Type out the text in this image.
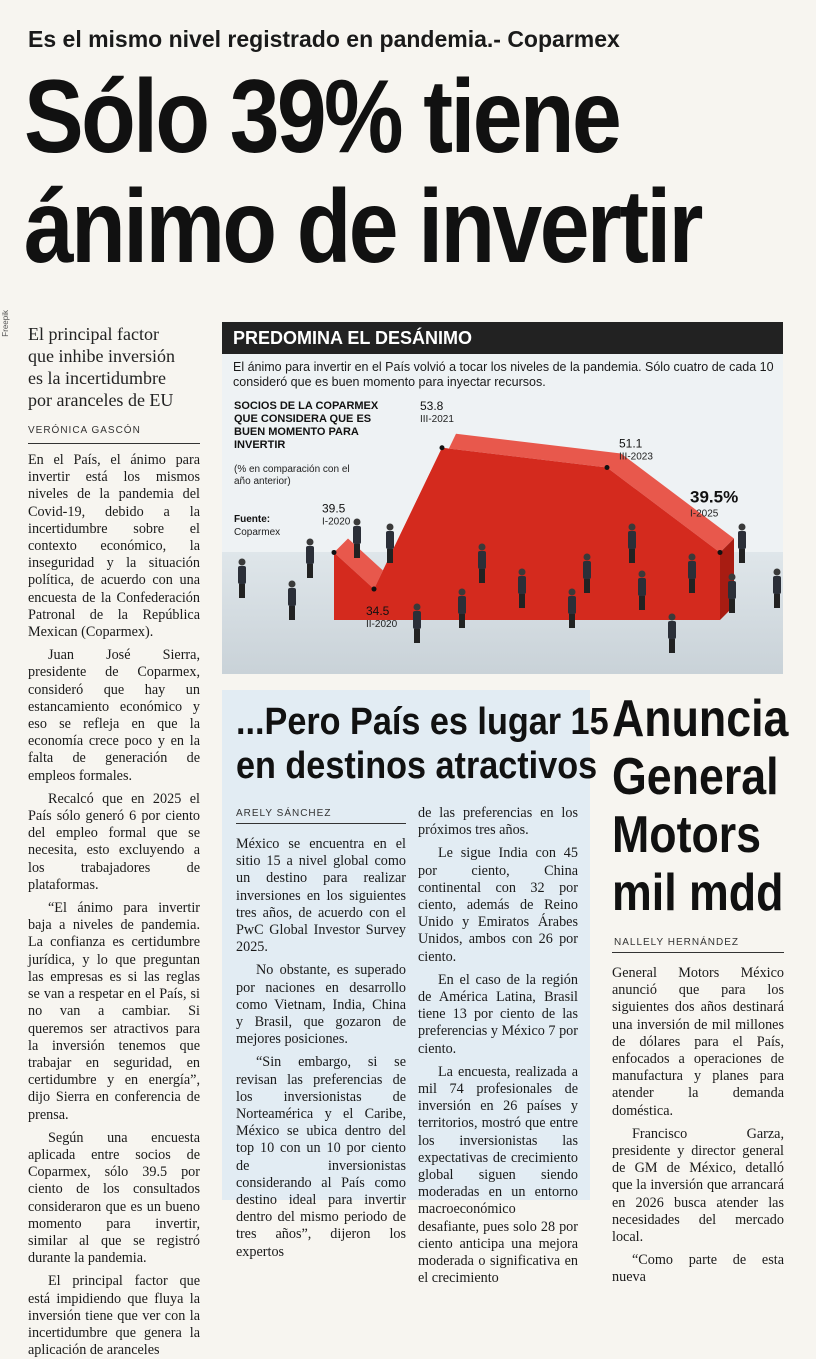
Es el mismo nivel registrado en pandemia.- Coparmex
Sólo 39% tiene
ánimo de invertir
Freepik El principal factor
que inhibe inversión
es la incertidumbre
por aranceles de EU
VERÓNICA GASCÓN

En el País, el ánimo para invertir está los mismos niveles de la pandemia del Covid-19, debido a la incertidumbre sobre el contexto económico, la inseguridad y la situación política, de acuerdo con una encuesta de la Confederación Patronal de la República Mexican (Coparmex).

Juan José Sierra, presidente de Coparmex, consideró que hay un estancamiento económico y eso se refleja en que la economía crece poco y en la falta de generación de empleos formales.

Recalcó que en 2025 el País sólo generó 6 por ciento del empleo formal que se necesita, esto excluyendo a los trabajadores de plataformas.

“El ánimo para invertir baja a niveles de pandemia. La confianza es certidumbre jurídica, y lo que preguntan las empresas es si las reglas se van a respetar en el País, si no van a cambiar. Si queremos ser atractivos para la inversión tenemos que trabajar en seguridad, en certidumbre y en energía”, dijo Sierra en conferencia de prensa.

Según una encuesta aplicada entre socios de Coparmex, sólo 39.5 por ciento de los consultados consideraron que es un bueno momento para invertir, similar al que se registró durante la pandemia.

El principal factor que está impidiendo que fluya la inversión tiene que ver con la incertidumbre que genera la aplicación de aranceles

39.5
I-2020
34.5
II-2020
53.8
III-2021
51.1
III-2023
39.5%
I-2025
PREDOMINA EL DESÁNIMO
El ánimo para invertir en el País volvió a tocar los niveles de la pandemia. Sólo cuatro de cada 10 consideró que es buen momento para inyectar recursos.
SOCIOS DE LA COPARMEX QUE CONSIDERA QUE ES BUEN MOMENTO PARA INVERTIR
(% en comparación con el año anterior)
Fuente:
Coparmex
...Pero País es lugar 15
en destinos atractivos
ARELY SÁNCHEZ

México se encuentra en el sitio 15 a nivel global como un destino para realizar inversiones en los siguientes tres años, de acuerdo con el PwC Global Investor Survey 2025.

No obstante, es superado por naciones en desarrollo como Vietnam, India, China y Brasil, que gozaron de mejores posiciones.

“Sin embargo, si se revisan las preferencias de los inversionistas de Norteamérica y el Caribe, México se ubica dentro del top 10 con un 10 por ciento de inversionistas considerando al País como destino ideal para invertir dentro del mismo periodo de tres años”, dijeron los expertos

de las preferencias en los próximos tres años.

Le sigue India con 45 por ciento, China continental con 32 por ciento, además de Reino Unido y Emiratos Árabes Unidos, ambos con 26 por ciento.

En el caso de la región de América Latina, Brasil tiene 13 por ciento de las preferencias y México 7 por ciento.

La encuesta, realizada a mil 74 profesionales de inversión en 26 países y territorios, mostró que entre los inversionistas las expectativas de crecimiento global siguen siendo moderadas en un entorno macroeconómico desafiante, pues solo 28 por ciento anticipa una mejora moderada o significativa en el crecimiento

Anuncia
General
Motors
mil mdd
NALLELY HERNÁNDEZ

General Motors México anunció que para los siguientes dos años destinará una inversión de mil millones de dólares para el País, enfocados a operaciones de manufactura y planes para atender la demanda doméstica.

Francisco Garza, presidente y director general de GM de México, detalló que la inversión que arrancará en 2026 busca atender las necesidades del mercado local.

“Como parte de esta nueva
